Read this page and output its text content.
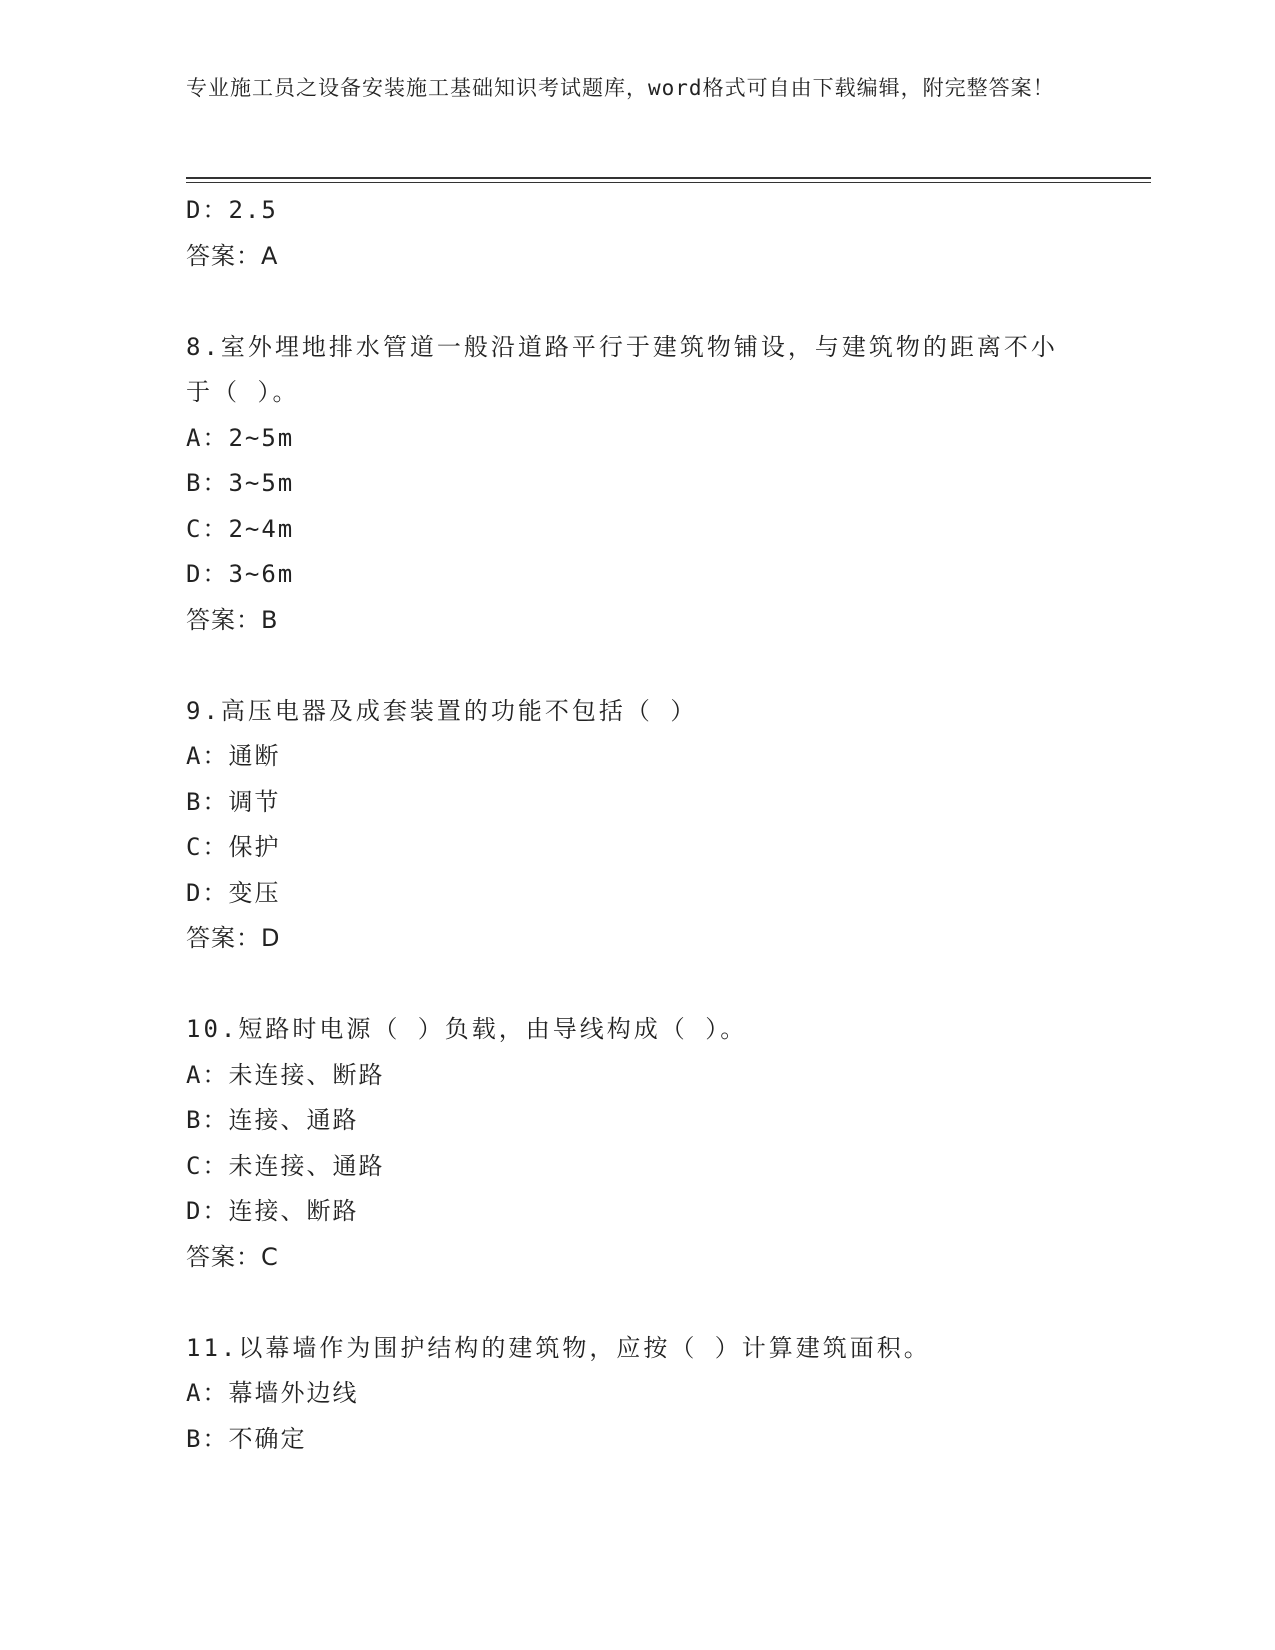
专业施工员之设备安装施工基础知识考试题库，word格式可自由下载编辑，附完整答案！
D：2.5
答案：A
8.室外埋地排水管道一般沿道路平行于建筑物铺设，与建筑物的距离不小于（ ）。
A：2~5m
B：3~5m
C：2~4m
D：3~6m
答案：B
9.高压电器及成套装置的功能不包括（ ）
A：通断
B：调节
C：保护
D：变压
答案：D
10.短路时电源（ ）负载，由导线构成（ ）。
A：未连接、断路
B：连接、通路
C：未连接、通路
D：连接、断路
答案：C
11.以幕墙作为围护结构的建筑物，应按（ ）计算建筑面积。
A：幕墙外边线
B：不确定
